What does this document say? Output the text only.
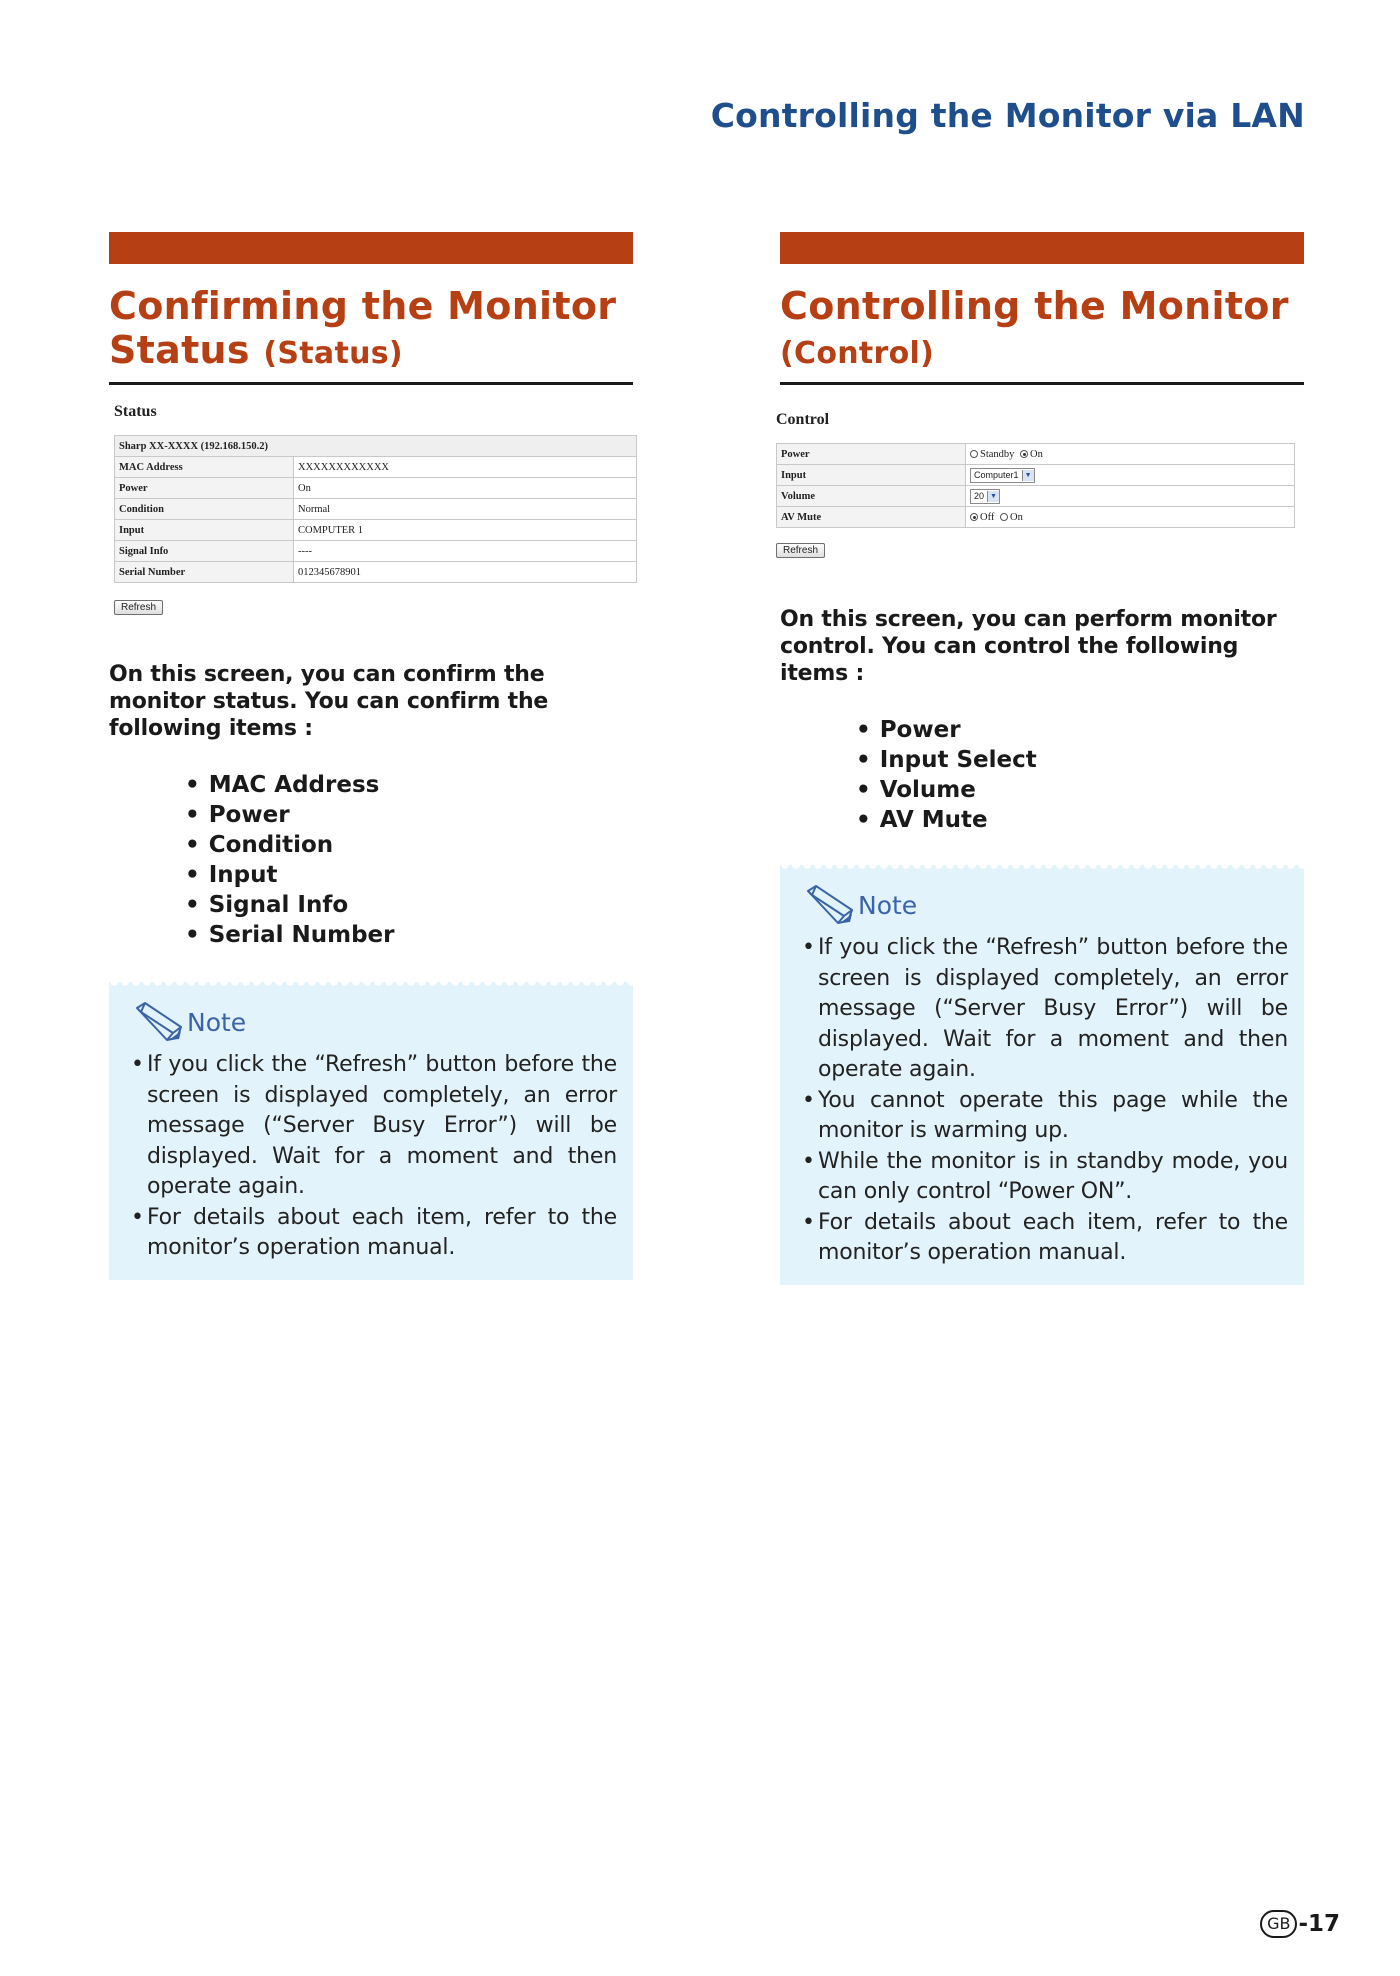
Controlling the Monitor via LAN
Confirming the Monitor
Status (Status)

Status

Sharp XX-XXXX (192.168.150.2)	
MAC Address	XXXXXXXXXXXX
Power	On
Condition	Normal
Input	COMPUTER 1
Signal Info	----
Serial Number	012345678901
Refresh

On this screen, you can confirm the monitor status. You can confirm the following items :

• MAC Address
• Power
• Condition
• Input
• Signal Info
• Serial Number
Note
• If you click the “Refresh” button before the screen is displayed completely, an error message (“Server Busy Error”) will be displayed. Wait for a moment and then operate again.
• For details about each item, refer to the monitor’s operation manual.
Controlling the Monitor
(Control)

Control

Power	Standby On
Input	Computer1 ▼

Volume	20 ▼

AV Mute	Off On
Refresh

On this screen, you can perform monitor control. You can control the following items :

• Power
• Input Select
• Volume
• AV Mute
Note
• If you click the “Refresh” button before the screen is displayed completely, an error message (“Server Busy Error”) will be displayed. Wait for a moment and then operate again.
• You cannot operate this page while the monitor is warming up.
• While the monitor is in standby mode, you can only control “Power ON”.
• For details about each item, refer to the monitor’s operation manual.
GB -17
